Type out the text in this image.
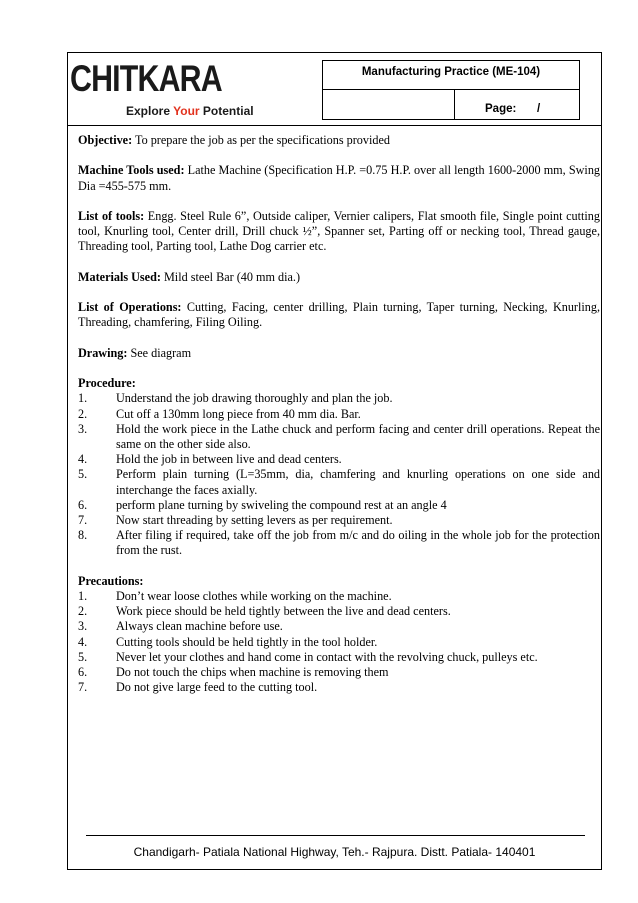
CHITKARA
Explore Your Potential
Manufacturing Practice (ME-104)
Page: /

Objective: To prepare the job as per the specifications provided

Machine Tools used: Lathe Machine (Specification H.P. =0.75 H.P. over all length 1600-2000 mm, Swing Dia =455-575 mm.

List of tools: Engg. Steel Rule 6”, Outside caliper, Vernier calipers, Flat smooth file, Single point cutting tool, Knurling tool, Center drill, Drill chuck ½”, Spanner set, Parting off or necking tool, Thread gauge, Threading tool, Parting tool, Lathe Dog carrier etc.

Materials Used: Mild steel Bar (40 mm dia.)

List of Operations: Cutting, Facing, center drilling, Plain turning, Taper turning, Necking, Knurling, Threading, chamfering, Filing Oiling.

Drawing: See diagram

Procedure:

1. Understand the job drawing thoroughly and plan the job.
2. Cut off a 130mm long piece from 40 mm dia. Bar.
3. Hold the work piece in the Lathe chuck and perform facing and center drill operations. Repeat the same on the other side also.
4. Hold the job in between live and dead centers.
5. Perform plain turning (L=35mm, dia, chamfering and knurling operations on one side and interchange the faces axially.
6. perform plane turning by swiveling the compound rest at an angle 4
7. Now start threading by setting levers as per requirement.
8. After filing if required, take off the job from m/c and do oiling in the whole job for the protection from the rust.

Precautions:

1. Don’t wear loose clothes while working on the machine.
2. Work piece should be held tightly between the live and dead centers.
3. Always clean machine before use.
4. Cutting tools should be held tightly in the tool holder.
5. Never let your clothes and hand come in contact with the revolving chuck, pulleys etc.
6. Do not touch the chips when machine is removing them
7. Do not give large feed to the cutting tool.
Chandigarh- Patiala National Highway, Teh.- Rajpura. Distt. Patiala- 140401
